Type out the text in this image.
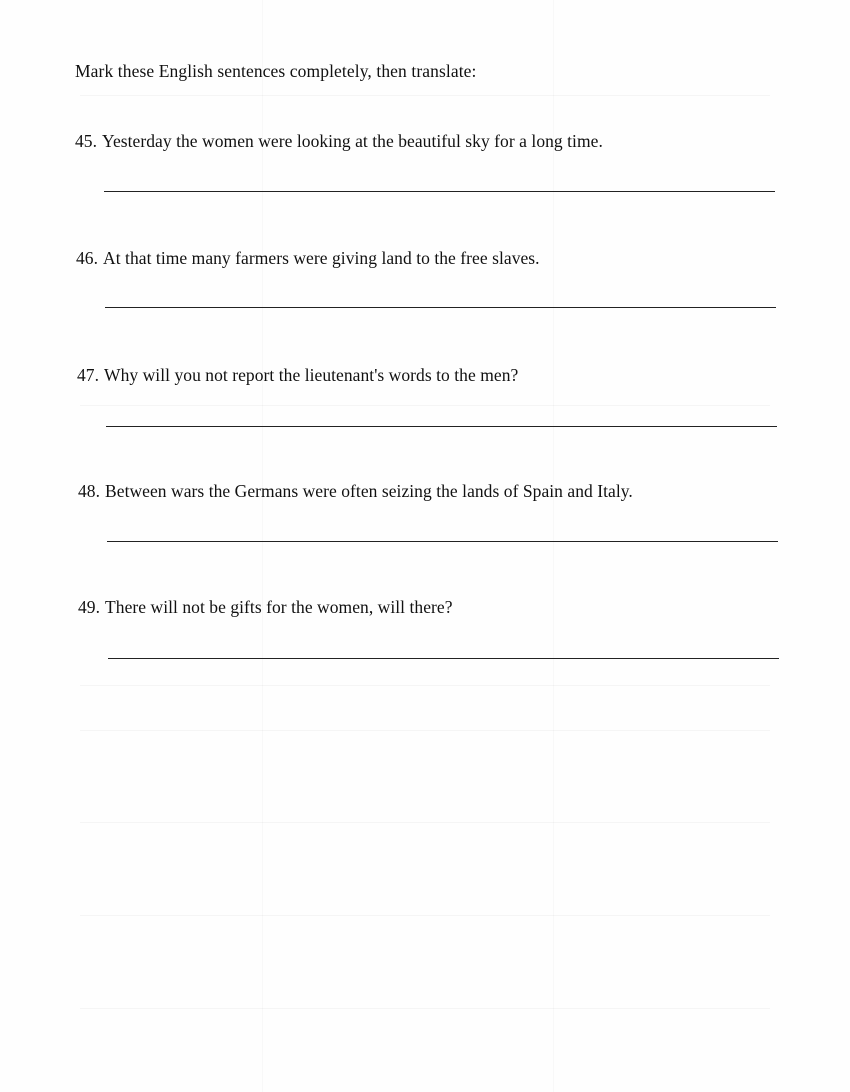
Mark these English sentences completely, then translate:
45. Yesterday the women were looking at the beautiful sky for a long time.
46. At that time many farmers were giving land to the free slaves.
47. Why will you not report the lieutenant's words to the men?
48. Between wars the Germans were often seizing the lands of Spain and Italy.
49. There will not be gifts for the women, will there?
